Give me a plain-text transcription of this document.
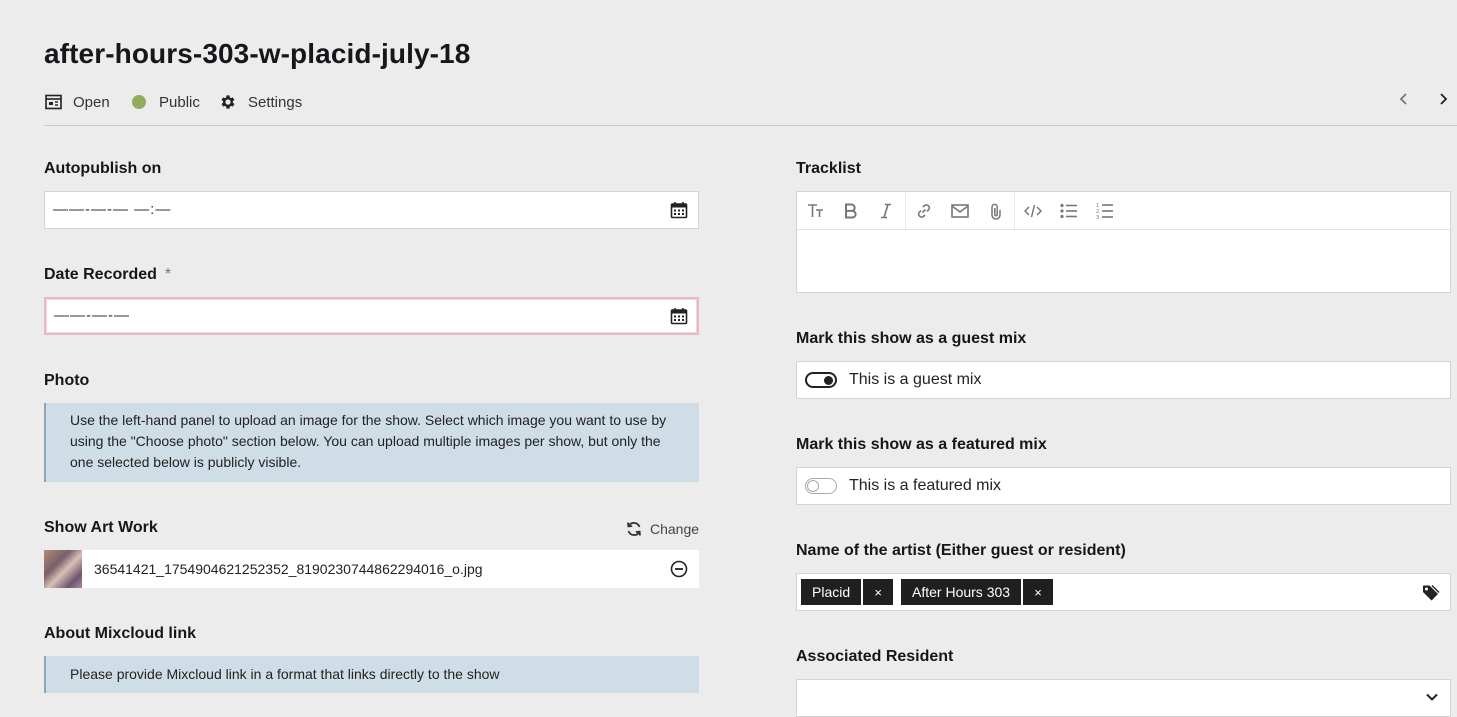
after-hours-303-w-placid-july-18
Open	Public	Settings
Autopublish on
——-—-— —:—
Date Recorded *
——-—-—
Photo
Use the left-hand panel to upload an image for the show. Select which image you want to use by using the "Choose photo" section below. You can upload multiple images per show, but only the one selected below is publicly visible.
Show Art Work	Change
36541421_1754904621252352_8190230744862294016_o.jpg
About Mixcloud link
Please provide Mixcloud link in a format that links directly to the show
Tracklist
1
2
3
Mark this show as a guest mix
This is a guest mix
Mark this show as a featured mix
This is a featured mix
Name of the artist (Either guest or resident)
Placid	×	After Hours 303	×
Associated Resident
